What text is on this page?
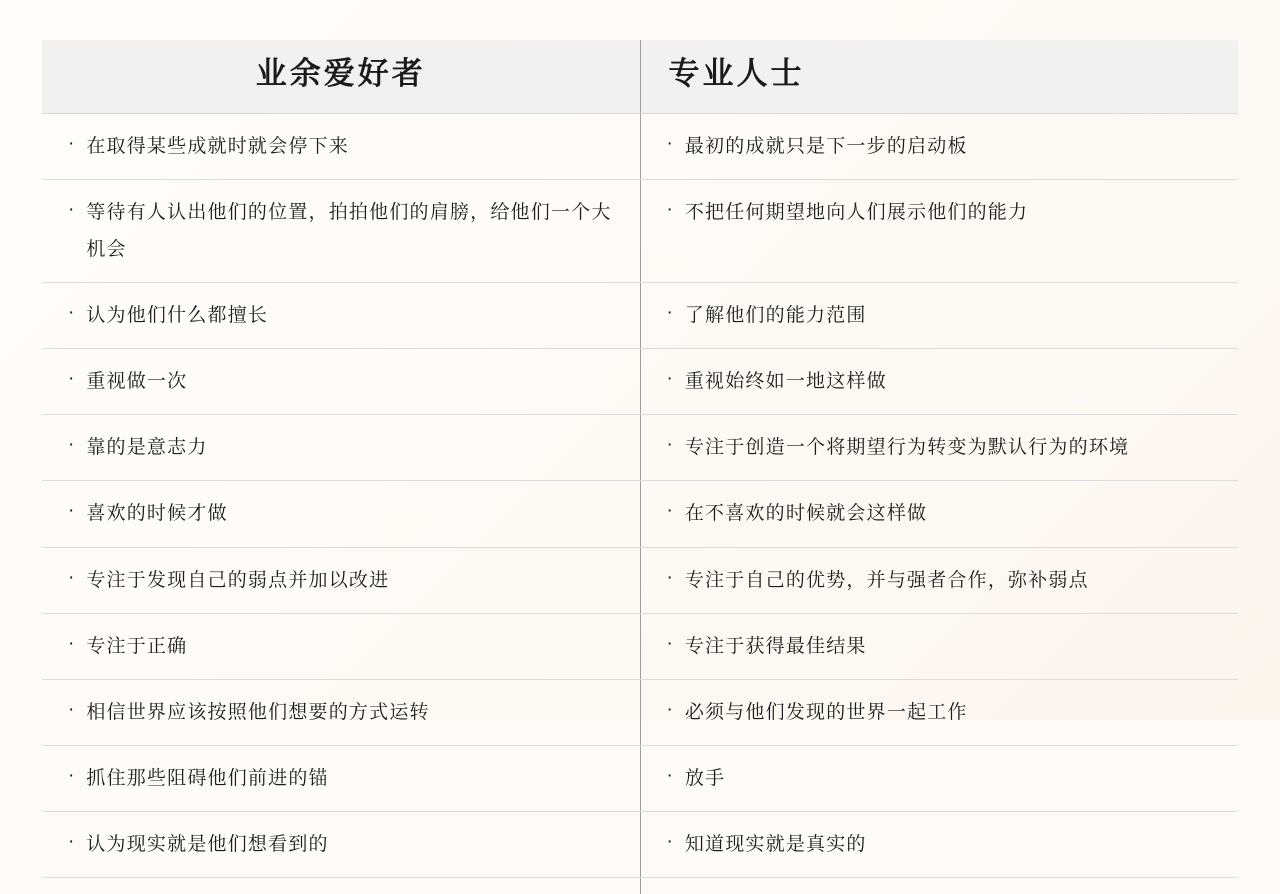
业余爱好者	专业人士

· 在取得某些成就时就会停下来	· 最初的成就只是下一步的启动板

· 等待有人认出他们的位置，拍拍他们的肩膀，给他们一个大机会	· 不把任何期望地向人们展示他们的能力

· 认为他们什么都擅长	· 了解他们的能力范围

· 重视做一次	· 重视始终如一地这样做

· 靠的是意志力	· 专注于创造一个将期望行为转变为默认行为的环境

· 喜欢的时候才做	· 在不喜欢的时候就会这样做

· 专注于发现自己的弱点并加以改进	· 专注于自己的优势，并与强者合作，弥补弱点

· 专注于正确	· 专注于获得最佳结果

· 相信世界应该按照他们想要的方式运转	· 必须与他们发现的世界一起工作

· 抓住那些阻碍他们前进的锚	· 放手

· 认为现实就是他们想看到的	· 知道现实就是真实的
